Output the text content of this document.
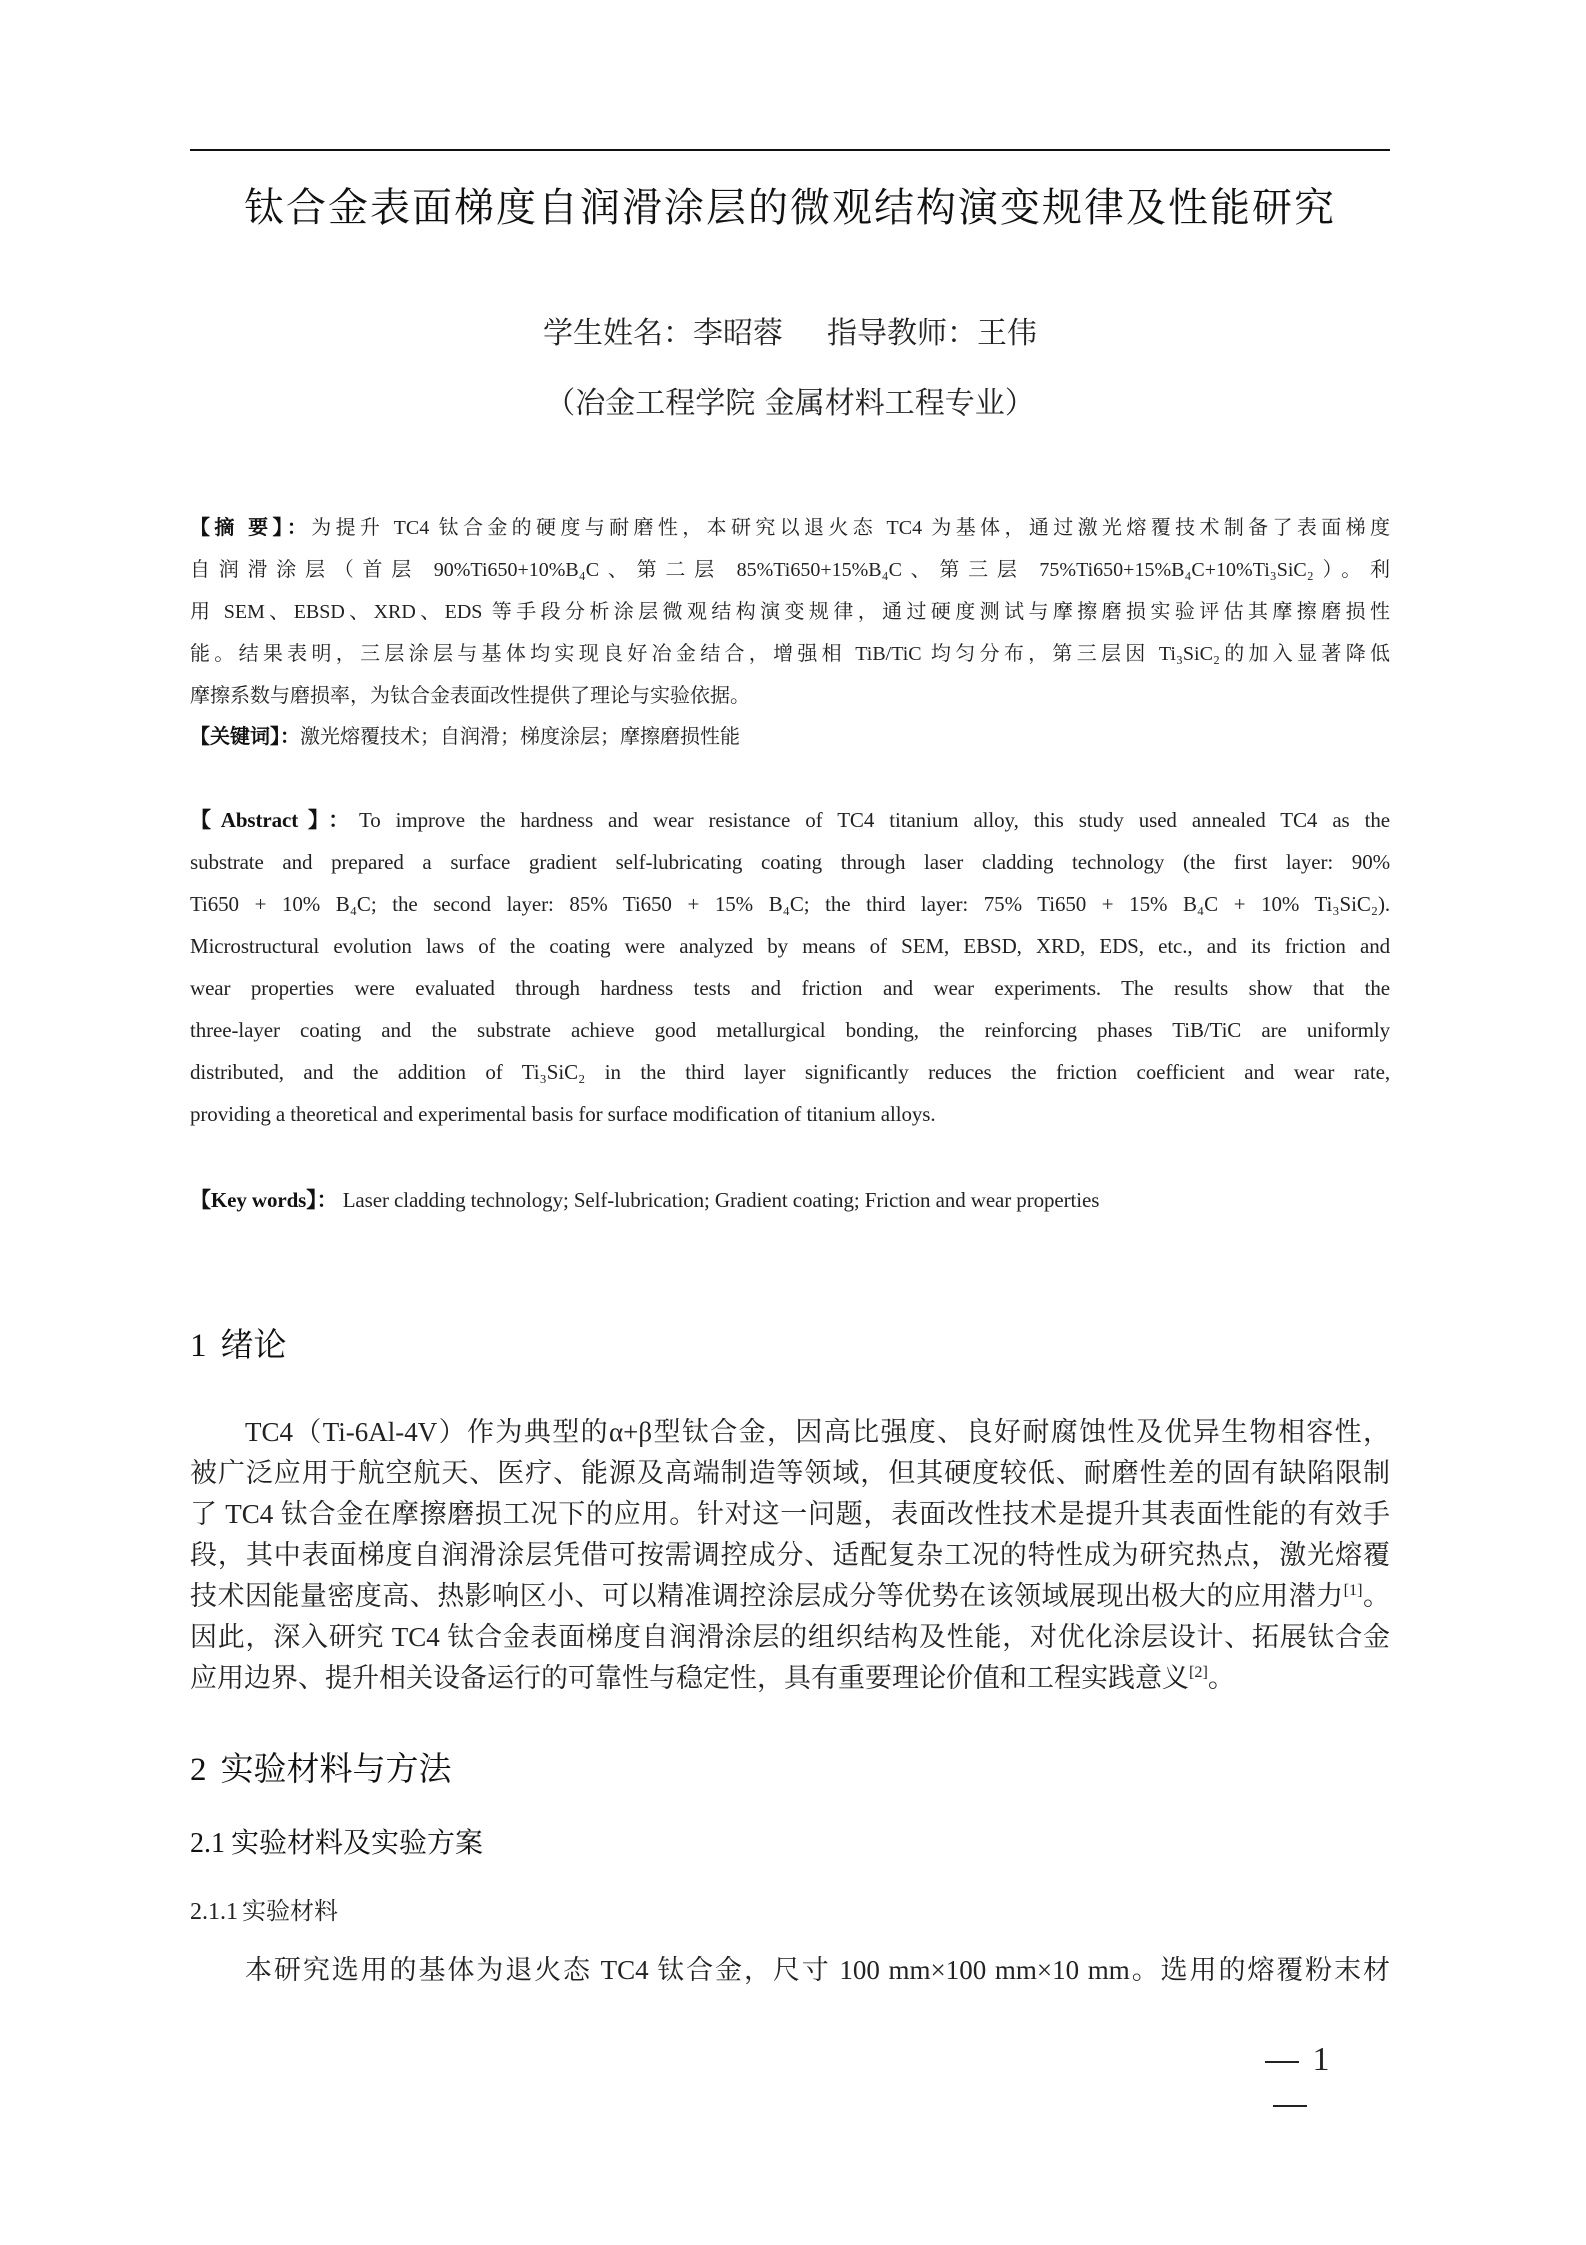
钛合金表面梯度自润滑涂层的微观结构演变规律及性能研究
学生姓名：李昭蓉 指导教师：王伟
（冶金工程学院 金属材料工程专业）
【摘 要】：为提升 TC4 钛合金的硬度与耐磨性，本研究以退火态 TC4 为基体，通过激光熔覆技术制备了表面梯度
自润滑涂层（首层 90%Ti650+10%B₄C、第二层 85%Ti650+15%B₄C、第三层 75%Ti650+15%B₄C+10%Ti₃SiC₂）。利
用 SEM、EBSD、XRD、EDS 等手段分析涂层微观结构演变规律，通过硬度测试与摩擦磨损实验评估其摩擦磨损性
能。结果表明，三层涂层与基体均实现良好冶金结合，增强相 TiB/TiC 均匀分布，第三层因 Ti₃SiC₂的加入显著降低
摩擦系数与磨损率，为钛合金表面改性提供了理论与实验依据。
【关键词】：激光熔覆技术；自润滑；梯度涂层；摩擦磨损性能
【Abstract】：To improve the hardness and wear resistance of TC4 titanium alloy, this study used annealed TC4 as the
substrate and prepared a surface gradient self-lubricating coating through laser cladding technology (the first layer: 90%
Ti650 + 10% B₄C; the second layer: 85% Ti650 + 15% B₄C; the third layer: 75% Ti650 + 15% B₄C + 10% Ti₃SiC₂).
Microstructural evolution laws of the coating were analyzed by means of SEM, EBSD, XRD, EDS, etc., and its friction and
wear properties were evaluated through hardness tests and friction and wear experiments. The results show that the
three-layer coating and the substrate achieve good metallurgical bonding, the reinforcing phases TiB/TiC are uniformly
distributed, and the addition of Ti₃SiC₂ in the third layer significantly reduces the friction coefficient and wear rate,
providing a theoretical and experimental basis for surface modification of titanium alloys.
【Key words】： Laser cladding technology; Self-lubrication; Gradient coating; Friction and wear properties
1 绪论
TC4（Ti-6Al-4V）作为典型的α+β型钛合金，因高比强度、良好耐腐蚀性及优异生物相容性，
被广泛应用于航空航天、医疗、能源及高端制造等领域，但其硬度较低、耐磨性差的固有缺陷限制
了 TC4 钛合金在摩擦磨损工况下的应用。针对这一问题，表面改性技术是提升其表面性能的有效手
段，其中表面梯度自润滑涂层凭借可按需调控成分、适配复杂工况的特性成为研究热点，激光熔覆
技术因能量密度高、热影响区小、可以精准调控涂层成分等优势在该领域展现出极大的应用潜力[1]。
因此，深入研究 TC4 钛合金表面梯度自润滑涂层的组织结构及性能，对优化涂层设计、拓展钛合金
应用边界、提升相关设备运行的可靠性与稳定性，具有重要理论价值和工程实践意义[2]。
2 实验材料与方法
2.1 实验材料及实验方案
2.1.1 实验材料
本研究选用的基体为退火态 TC4 钛合金，尺寸 100 mm×100 mm×10 mm。选用的熔覆粉末材
1
